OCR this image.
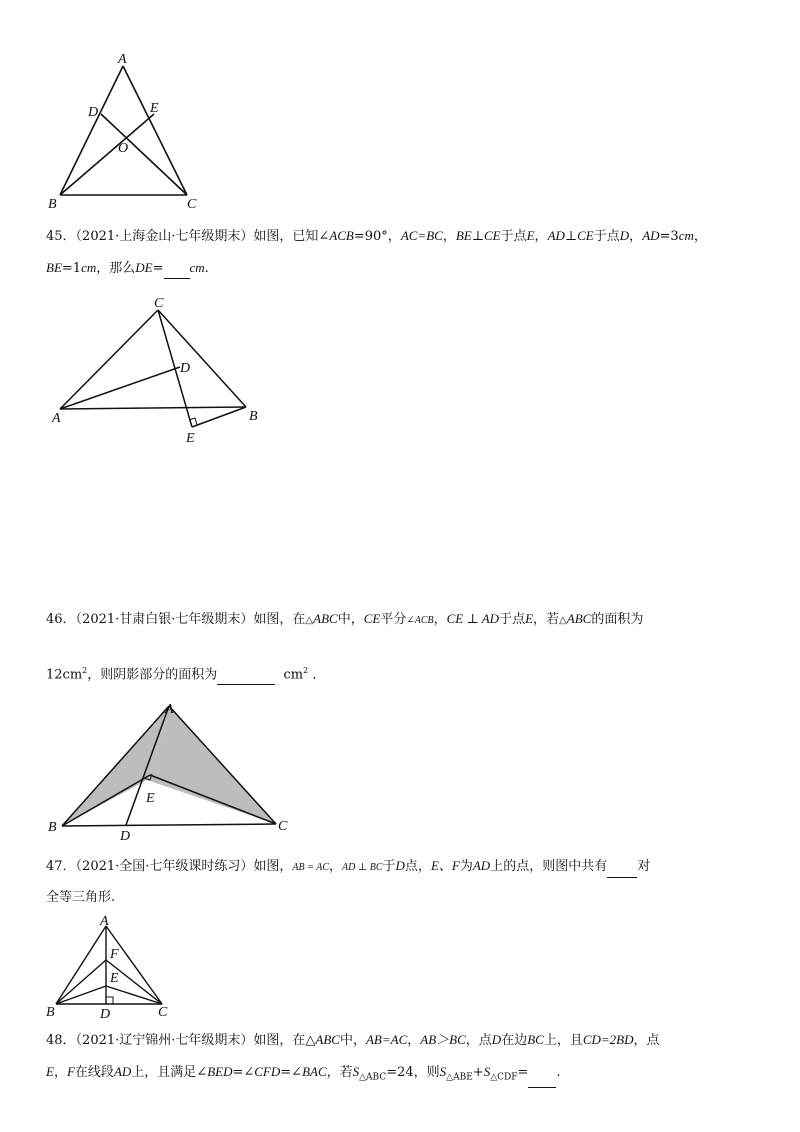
A
B	C
D	E
O
45．（2021·上海金山·七年级期末）如图，已知∠ACB=90°，AC=BC，BE⊥CE于点E，AD⊥CE于点D，AD=3cm，
BE=1cm，那么DE= cm.
C
A	B
D
E
46．（2021·甘肃白银·七年级期末）如图，在△ABC中，CE平分∠ACB，CE ⊥ AD于点E，若△ABC的面积为
$12cm^2$，则阴影部分的面积为	$cm^2$ ．
A
B	C
D
E
47．（2021·全国·七年级课时练习）如图，AB = AC，AD ⊥ BC于D点，E、F为AD上的点，则图中共有 对
全等三角形.
A
F
E
B	D	C
48．（2021·辽宁锦州·七年级期末）如图，在△ABC中，AB=AC，AB＞BC，点D在边BC上，且CD=2BD，点
E，F在线段AD上，且满足∠BED=∠CFD=∠BAC，若$S_{\triangle ABC}=24$，则$S_{\triangle ABE}+S_{\triangle CDF}=$ .
